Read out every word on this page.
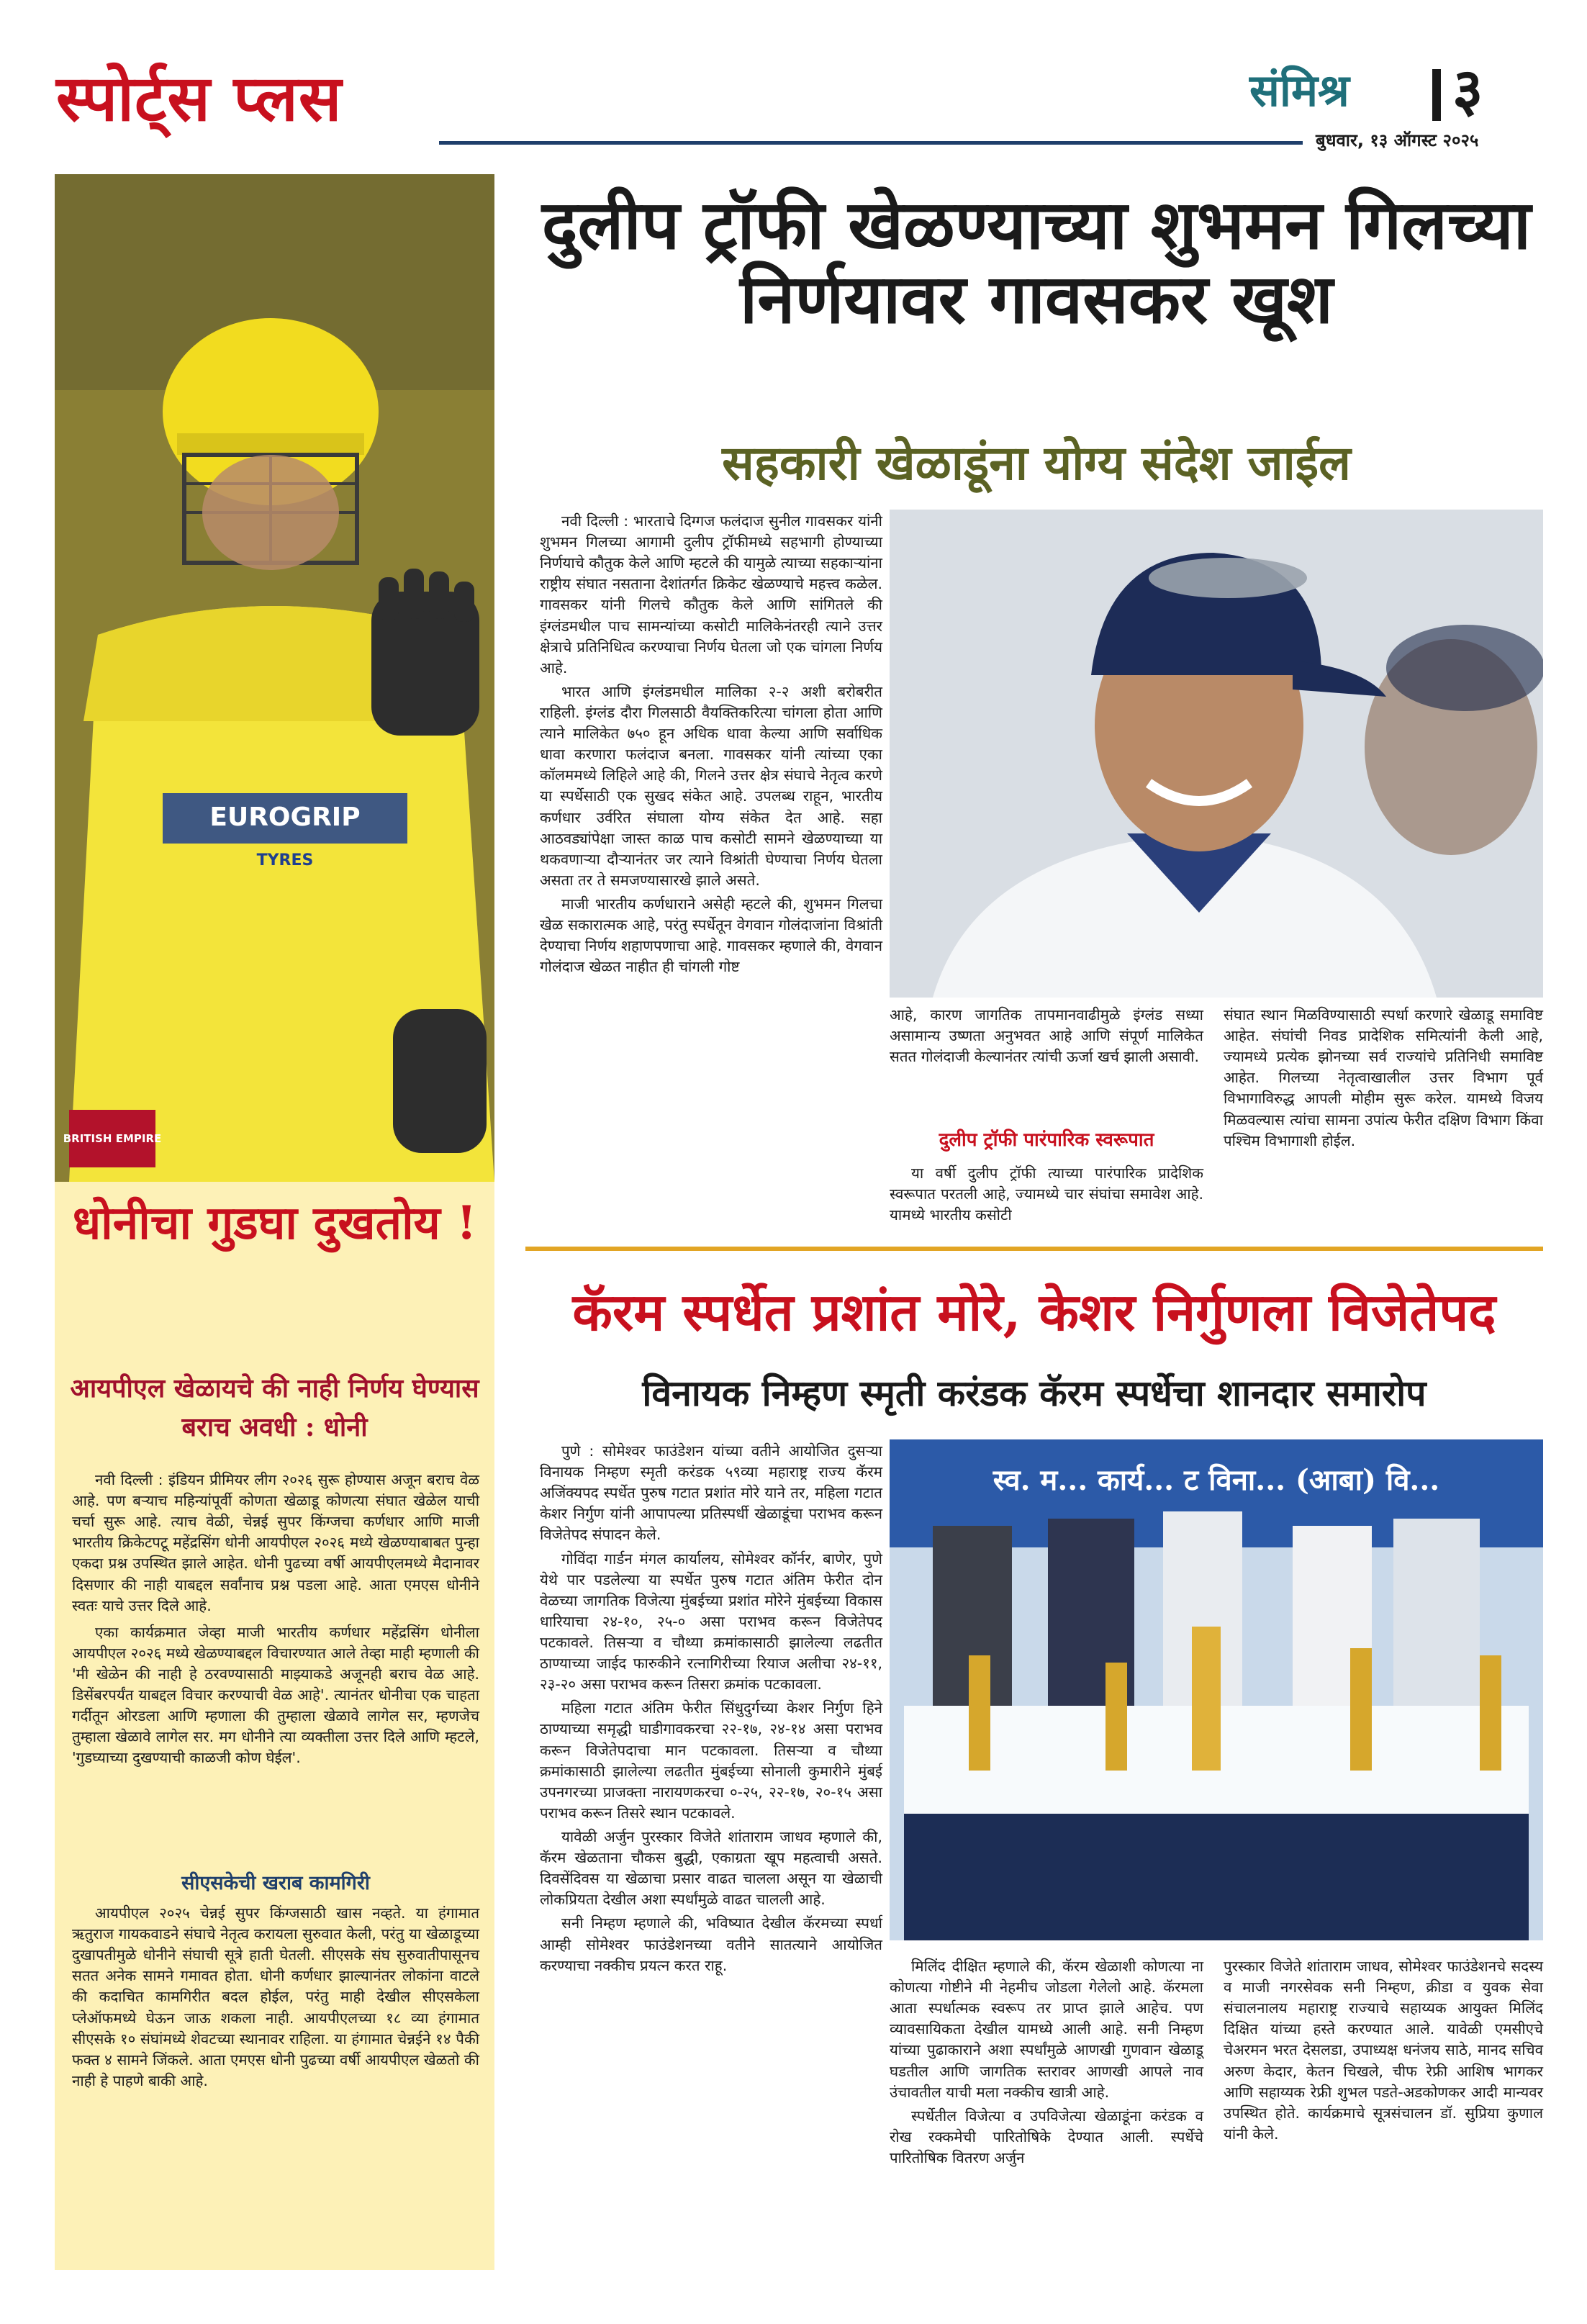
स्पोर्ट्स प्लस	संमिश्र ३
बुधवार, १३ ऑगस्ट २०२५
EUROGRIP
TYRES
BRITISH EMPIRE
धोनीचा गुडघा दुखतोय !
आयपीएल खेळायचे की नाही निर्णय घेण्यास बराच अवधी : धोनी

नवी दिल्ली : इंडियन प्रीमियर लीग २०२६ सुरू होण्यास अजून बराच वेळ आहे. पण बऱ्याच महिन्यांपूर्वी कोणता खेळाडू कोणत्या संघात खेळेल याची चर्चा सुरू आहे. त्याच वेळी, चेन्नई सुपर किंग्जचा कर्णधार आणि माजी भारतीय क्रिकेटपटू महेंद्रसिंग धोनी आयपीएल २०२६ मध्ये खेळण्याबाबत पुन्हा एकदा प्रश्न उपस्थित झाले आहेत. धोनी पुढच्या वर्षी आयपीएलमध्ये मैदानावर दिसणार की नाही याबद्दल सर्वांनाच प्रश्न पडला आहे. आता एमएस धोनीने स्वतः याचे उत्तर दिले आहे.

एका कार्यक्रमात जेव्हा माजी भारतीय कर्णधार महेंद्रसिंग धोनीला आयपीएल २०२६ मध्ये खेळण्याबद्दल विचारण्यात आले तेव्हा माही म्हणाली की 'मी खेळेन की नाही हे ठरवण्यासाठी माझ्याकडे अजूनही बराच वेळ आहे. डिसेंबरपर्यंत याबद्दल विचार करण्याची वेळ आहे'. त्यानंतर धोनीचा एक चाहता गर्दीतून ओरडला आणि म्हणाला की तुम्हाला खेळावे लागेल सर, म्हणजेच तुम्हाला खेळावे लागेल सर. मग धोनीने त्या व्यक्तीला उत्तर दिले आणि म्हटले, 'गुडघ्याच्या दुखण्याची काळजी कोण घेईल'.

सीएसकेची खराब कामगिरी

आयपीएल २०२५ चेन्नई सुपर किंग्जसाठी खास नव्हते. या हंगामात ऋतुराज गायकवाडने संघाचे नेतृत्व करायला सुरुवात केली, परंतु या खेळाडूच्या दुखापतीमुळे धोनीने संघाची सूत्रे हाती घेतली. सीएसके संघ सुरुवातीपासूनच सतत अनेक सामने गमावत होता. धोनी कर्णधार झाल्यानंतर लोकांना वाटले की कदाचित कामगिरीत बदल होईल, परंतु माही देखील सीएसकेला प्लेऑफमध्ये घेऊन जाऊ शकला नाही. आयपीएलच्या १८ व्या हंगामात सीएसके १० संघांमध्ये शेवटच्या स्थानावर राहिला. या हंगामात चेन्नईने १४ पैकी फक्त ४ सामने जिंकले. आता एमएस धोनी पुढच्या वर्षी आयपीएल खेळतो की नाही हे पाहणे बाकी आहे.

दुलीप ट्रॉफी खेळण्याच्या शुभमन गिलच्या निर्णयावर गावसकर खूश
सहकारी खेळाडूंना योग्य संदेश जाईल

नवी दिल्ली : भारताचे दिग्गज फलंदाज सुनील गावसकर यांनी शुभमन गिलच्या आगामी दुलीप ट्रॉफीमध्ये सहभागी होण्याच्या निर्णयाचे कौतुक केले आणि म्हटले की यामुळे त्याच्या सहकाऱ्यांना राष्ट्रीय संघात नसताना देशांतर्गत क्रिकेट खेळण्याचे महत्त्व कळेल. गावसकर यांनी गिलचे कौतुक केले आणि सांगितले की इंग्लंडमधील पाच सामन्यांच्या कसोटी मालिकेनंतरही त्याने उत्तर क्षेत्राचे प्रतिनिधित्व करण्याचा निर्णय घेतला जो एक चांगला निर्णय आहे.

भारत आणि इंग्लंडमधील मालिका २-२ अशी बरोबरीत राहिली. इंग्लंड दौरा गिलसाठी वैयक्तिकरित्या चांगला होता आणि त्याने मालिकेत ७५० हून अधिक धावा केल्या आणि सर्वाधिक धावा करणारा फलंदाज बनला. गावसकर यांनी त्यांच्या एका कॉलममध्ये लिहिले आहे की, गिलने उत्तर क्षेत्र संघाचे नेतृत्व करणे या स्पर्धेसाठी एक सुखद संकेत आहे. उपलब्ध राहून, भारतीय कर्णधार उर्वरित संघाला योग्य संकेत देत आहे. सहा आठवड्यांपेक्षा जास्त काळ पाच कसोटी सामने खेळण्याच्या या थकवणाऱ्या दौऱ्यानंतर जर त्याने विश्रांती घेण्याचा निर्णय घेतला असता तर ते समजण्यासारखे झाले असते.

माजी भारतीय कर्णधाराने असेही म्हटले की, शुभमन गिलचा खेळ सकारात्मक आहे, परंतु स्पर्धेतून वेगवान गोलंदाजांना विश्रांती देण्याचा निर्णय शहाणपणाचा आहे. गावसकर म्हणाले की, वेगवान गोलंदाज खेळत नाहीत ही चांगली गोष्ट

आहे, कारण जागतिक तापमानवाढीमुळे इंग्लंड सध्या असामान्य उष्णता अनुभवत आहे आणि संपूर्ण मालिकेत सतत गोलंदाजी केल्यानंतर त्यांची ऊर्जा खर्च झाली असावी.
दुलीप ट्रॉफी पारंपारिक स्वरूपात

या वर्षी दुलीप ट्रॉफी त्याच्या पारंपारिक प्रादेशिक स्वरूपात परतली आहे, ज्यामध्ये चार संघांचा समावेश आहे. यामध्ये भारतीय कसोटी

संघात स्थान मिळविण्यासाठी स्पर्धा करणारे खेळाडू समाविष्ट आहेत. संघांची निवड प्रादेशिक समित्यांनी केली आहे, ज्यामध्ये प्रत्येक झोनच्या सर्व राज्यांचे प्रतिनिधी समाविष्ट आहेत. गिलच्या नेतृत्वाखालील उत्तर विभाग पूर्व विभागाविरुद्ध आपली मोहीम सुरू करेल. यामध्ये विजय मिळवल्यास त्यांचा सामना उपांत्य फेरीत दक्षिण विभाग किंवा पश्चिम विभागाशी होईल.
कॅरम स्पर्धेत प्रशांत मोरे, केशर निर्गुणला विजेतेपद
विनायक निम्हण स्मृती करंडक कॅरम स्पर्धेचा शानदार समारोप

पुणे : सोमेश्वर फाउंडेशन यांच्या वतीने आयोजित दुसऱ्या विनायक निम्हण स्मृती करंडक ५९व्या महाराष्ट्र राज्य कॅरम अजिंक्यपद स्पर्धेत पुरुष गटात प्रशांत मोरे याने तर, महिला गटात केशर निर्गुण यांनी आपापल्या प्रतिस्पर्धी खेळाडूंचा पराभव करून विजेतेपद संपादन केले.

गोविंदा गार्डन मंगल कार्यालय, सोमेश्वर कॉर्नर, बाणेर, पुणे येथे पार पडलेल्या या स्पर्धेत पुरुष गटात अंतिम फेरीत दोन वेळच्या जागतिक विजेत्या मुंबईच्या प्रशांत मोरेने मुंबईच्या विकास धारियाचा २४-१०, २५-० असा पराभव करून विजेतेपद पटकावले. तिसऱ्या व चौथ्या क्रमांकासाठी झालेल्या लढतीत ठाण्याच्या जाईद फारुकीने रत्नागिरीच्या रियाज अलीचा २४-११, २३-२० असा पराभव करून तिसरा क्रमांक पटकावला.

महिला गटात अंतिम फेरीत सिंधुदुर्गच्या केशर निर्गुण हिने ठाण्याच्या समृद्धी घाडीगावकरचा २२-१७, २४-१४ असा पराभव करून विजेतेपदाचा मान पटकावला. तिसऱ्या व चौथ्या क्रमांकासाठी झालेल्या लढतीत मुंबईच्या सोनाली कुमारीने मुंबई उपनगरच्या प्राजक्ता नारायणकरचा ०-२५, २२-१७, २०-१५ असा पराभव करून तिसरे स्थान पटकावले.

यावेळी अर्जुन पुरस्कार विजेते शांताराम जाधव म्हणाले की, कॅरम खेळताना चौकस बुद्धी, एकाग्रता खूप महत्वाची असते. दिवसेंदिवस या खेळाचा प्रसार वाढत चालला असून या खेळाची लोकप्रियता देखील अशा स्पर्धांमुळे वाढत चालली आहे.

सनी निम्हण म्हणाले की, भविष्यात देखील कॅरमच्या स्पर्धा आम्ही सोमेश्वर फाउंडेशनच्या वतीने सातत्याने आयोजित करण्याचा नक्कीच प्रयत्न करत राहू.

स्व. म... कार्य... ट विना... (आबा) वि...

मिलिंद दीक्षित म्हणाले की, कॅरम खेळाशी कोणत्या ना कोणत्या गोष्टीने मी नेहमीच जोडला गेलेलो आहे. कॅरमला आता स्पर्धात्मक स्वरूप तर प्राप्त झाले आहेच. पण व्यावसायिकता देखील यामध्ये आली आहे. सनी निम्हण यांच्या पुढाकाराने अशा स्पर्धांमुळे आणखी गुणवान खेळाडू घडतील आणि जागतिक स्तरावर आणखी आपले नाव उंचावतील याची मला नक्कीच खात्री आहे.

स्पर्धेतील विजेत्या व उपविजेत्या खेळाडूंना करंडक व रोख रक्कमेची पारितोषिके देण्यात आली. स्पर्धेचे पारितोषिक वितरण अर्जुन

पुरस्कार विजेते शांताराम जाधव, सोमेश्वर फाउंडेशनचे सदस्य व माजी नगरसेवक सनी निम्हण, क्रीडा व युवक सेवा संचालनालय महाराष्ट्र राज्याचे सहाय्यक आयुक्त मिलिंद दिक्षित यांच्या हस्ते करण्यात आले. यावेळी एमसीएचे चेअरमन भरत देसलडा, उपाध्यक्ष धनंजय साठे, मानद सचिव अरुण केदार, केतन चिखले, चीफ रेफ्री आशिष भागकर आणि सहाय्यक रेफ्री शुभल पडते-अडकोणकर आदी मान्यवर उपस्थित होते. कार्यक्रमाचे सूत्रसंचालन डॉ. सुप्रिया कुणाल यांनी केले.
